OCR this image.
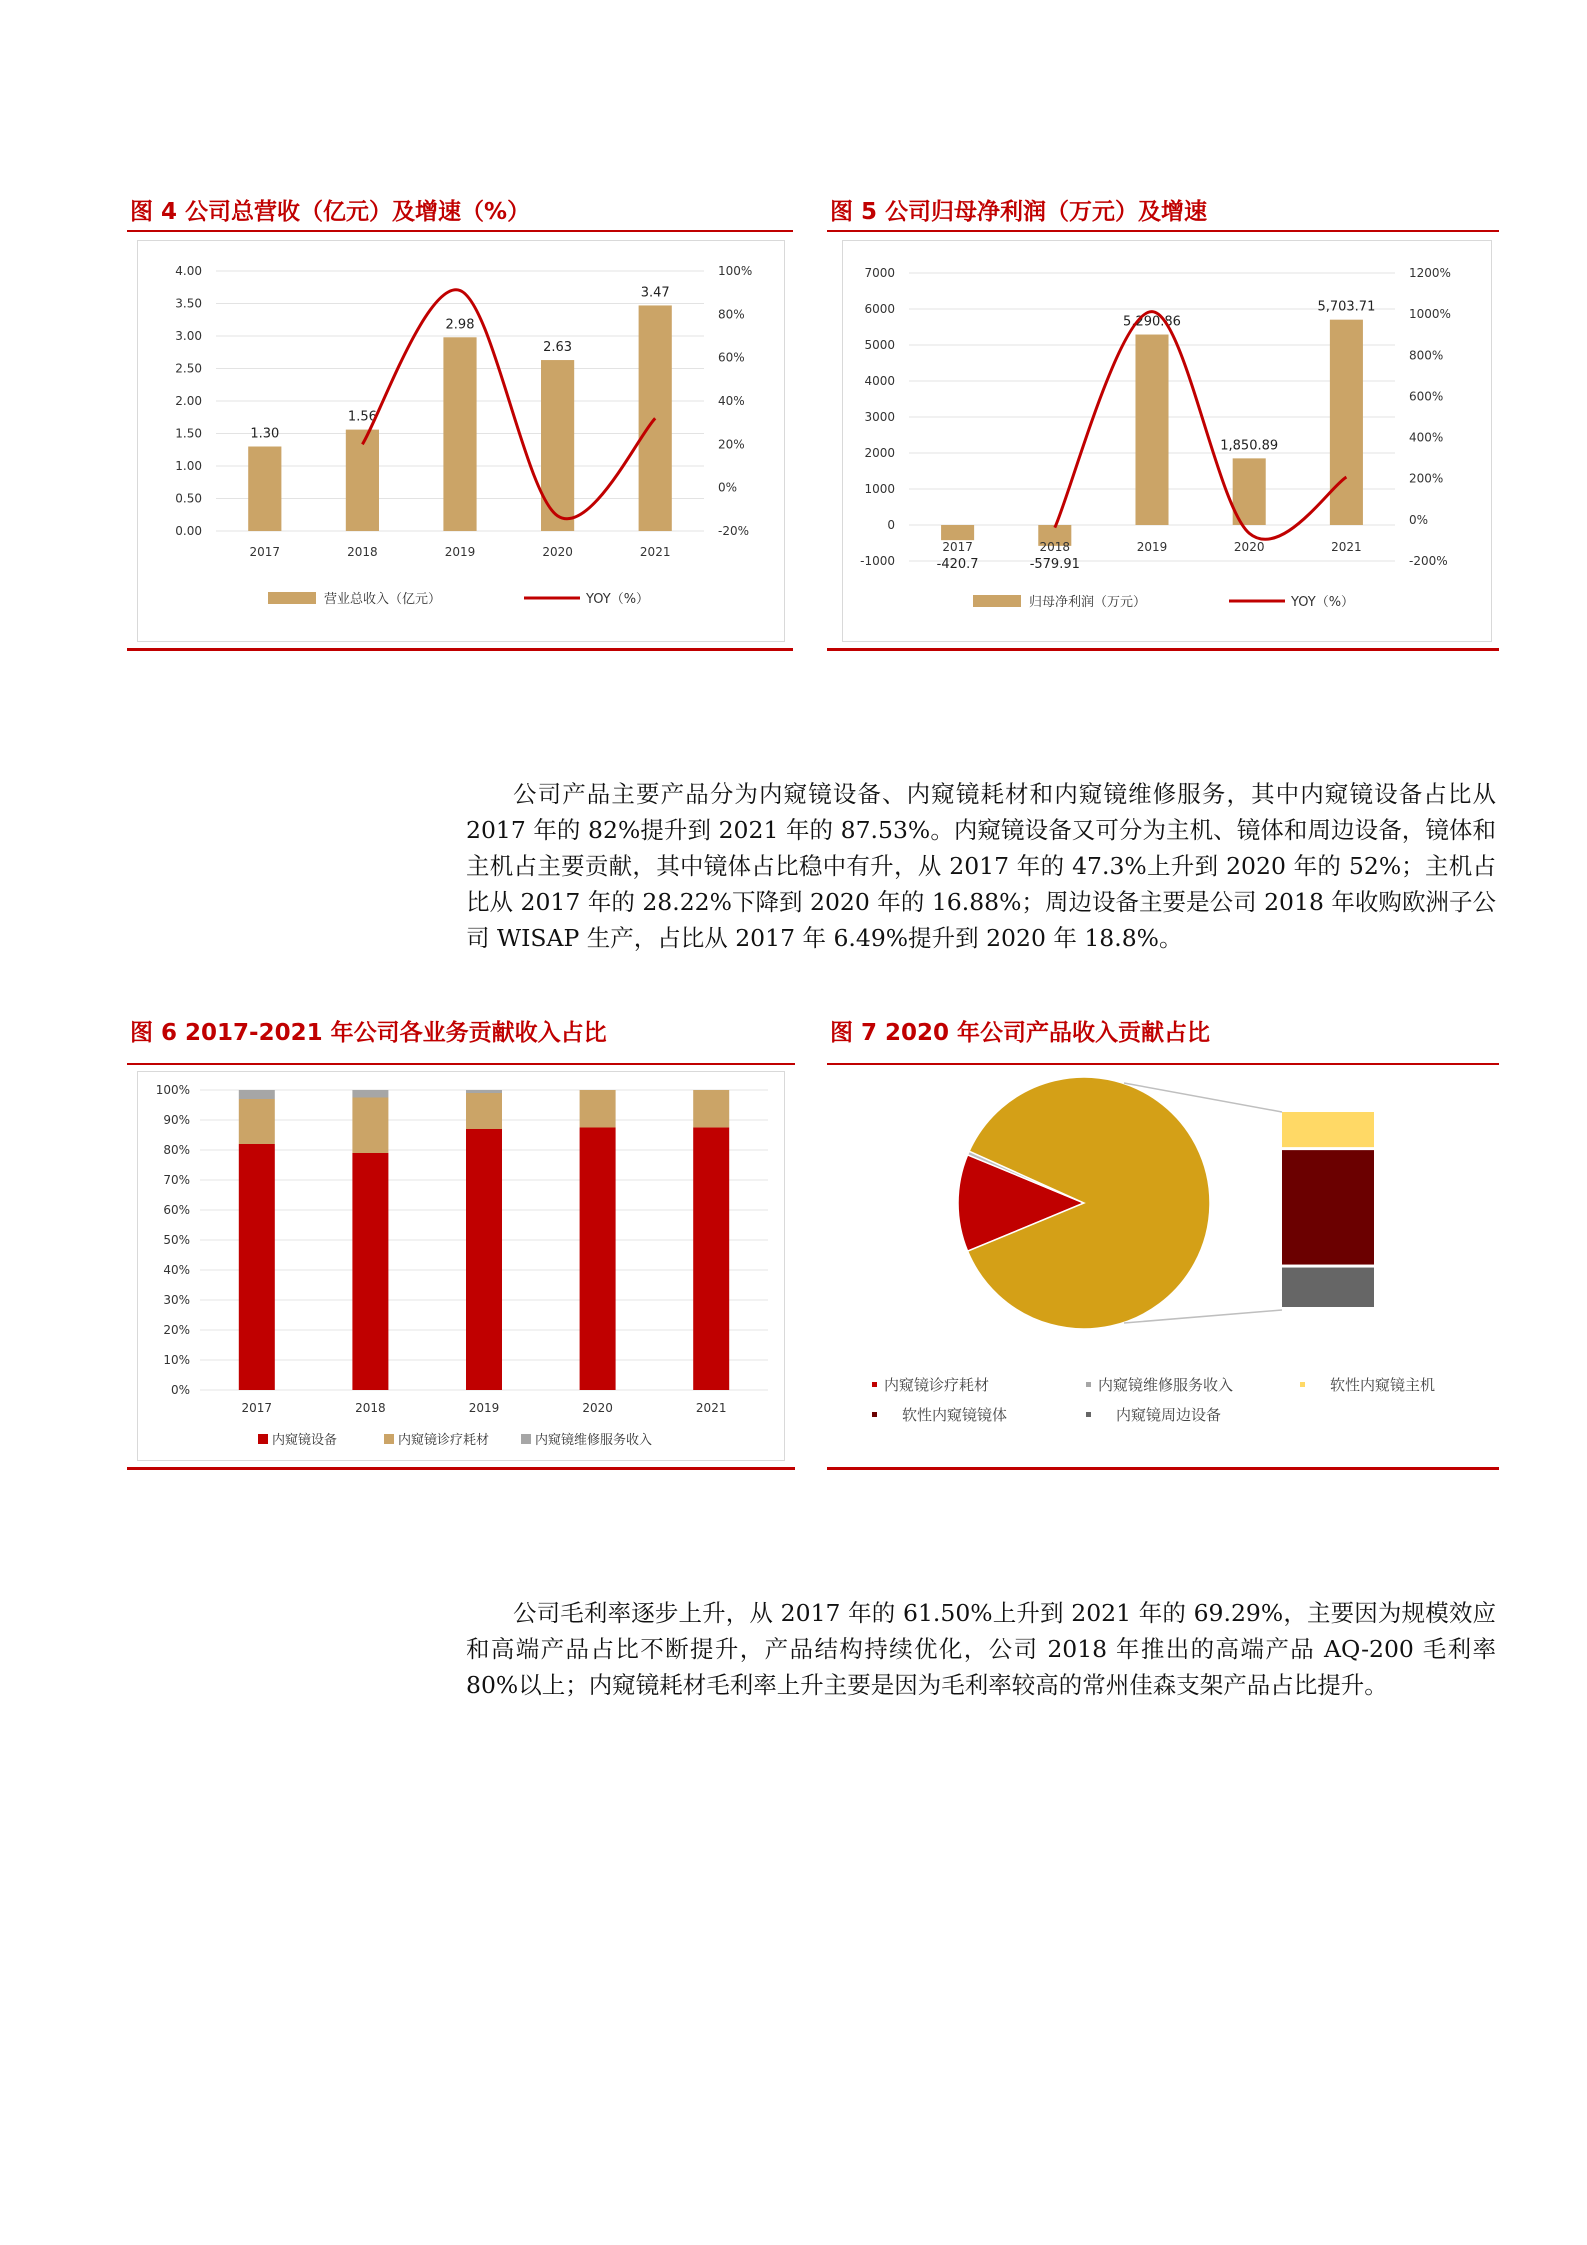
图 4 公司总营收（亿元）及增速（%）
0.00
0.50
1.00
1.50
2.00
2.50
3.00
3.50
4.00
-20%
0%
20%
40%
60%
80%
100%
1.30
2017
1.56
2018
2.98
2019
2.63
2020
3.47
2021
营业总收入（亿元）	YOY（%）
图 5 公司归母净利润（万元）及增速
-1000
0
1000
2000
3000
4000
5000
6000
7000
-200%
0%
200%
400%
600%
800%
1000%
1200%
-420.7
2017
-579.91
2018
5,290.86
2019
1,850.89
2020
5,703.71
2021
归母净利润（万元）	YOY（%）

公司产品主要产品分为内窥镜设备、内窥镜耗材和内窥镜维修服务，其中内窥镜设备占比从 2017 年的 82%提升到 2021 年的 87.53%。内窥镜设备又可分为主机、镜体和周边设备，镜体和主机占主要贡献，其中镜体占比稳中有升，从 2017 年的 47.3%上升到 2020 年的 52%；主机占比从 2017 年的 28.22%下降到 2020 年的 16.88%；周边设备主要是公司 2018 年收购欧洲子公司 WISAP 生产，占比从 2017 年 6.49%提升到 2020 年 18.8%。

图 6 2017-2021 年公司各业务贡献收入占比
0%
10%
20%
30%
40%
50%
60%
70%
80%
90%
100%
2017	2018	2019	2020	2021
内窥镜设备	内窥镜诊疗耗材	内窥镜维修服务收入
图 7 2020 年公司产品收入贡献占比
内窥镜诊疗耗材	内窥镜维修服务收入	软性内窥镜主机
软性内窥镜镜体	内窥镜周边设备

公司毛利率逐步上升，从 2017 年的 61.50%上升到 2021 年的 69.29%，主要因为规模效应和高端产品占比不断提升，产品结构持续优化，公司 2018 年推出的高端产品 AQ-200 毛利率 80%以上；内窥镜耗材毛利率上升主要是因为毛利率较高的常州佳森支架产品占比提升。
